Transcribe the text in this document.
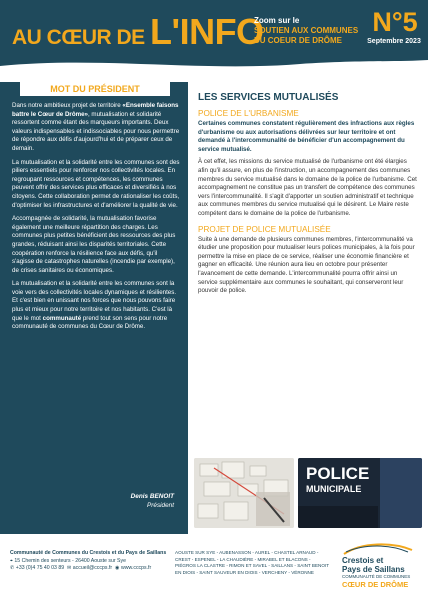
AU CŒUR DE L'INFO
Zoom sur le
SOUTIEN AUX COMMUNES DU COEUR DE DRÔME
N°5
Septembre 2023
MOT DU PRÉSIDENT

Dans notre ambitieux projet de territoire «Ensemble faisons battre le Cœur de Drôme», mutualisation et solidarité ressortent comme étant des marqueurs importants. Deux valeurs indispensables et indissociables pour nous permettre de répondre aux défis d'aujourd'hui et de préparer ceux de demain.

La mutualisation et la solidarité entre les communes sont des piliers essentiels pour renforcer nos collectivités locales. En regroupant ressources et compétences, les communes peuvent offrir des services plus efficaces et diversifiés à nos citoyens. Cette collaboration permet de rationaliser les coûts, d'optimiser les infrastructures et d'améliorer la qualité de vie.

Accompagnée de solidarité, la mutualisation favorise également une meilleure répartition des charges. Les communes plus petites bénéficient des ressources des plus grandes, réduisant ainsi les disparités territoriales. Cette coopération renforce la résilience face aux défis, qu'il s'agisse de catastrophes naturelles (incendie par exemple), de crises sanitaires ou économiques.

La mutualisation et la solidarité entre les communes sont la voie vers des collectivités locales dynamiques et résilientes. Et c'est bien en unissant nos forces que nous pouvons faire plus et mieux pour notre territoire et nos habitants. C'est là que le mot communauté prend tout son sens pour notre communauté de communes du Cœur de Drôme.

Denis BENOIT
Président
LES SERVICES MUTUALISÉS
POLICE DE L'URBANISME
Certaines communes constatent régulièrement des infractions aux règles d'urbanisme ou aux autorisations délivrées sur leur territoire et ont demandé à l'intercommunalité de bénéficier d'un accompagnement du service mutualisé.
À cet effet, les missions du service mutualisé de l'urbanisme ont été élargies afin qu'il assure, en plus de l'instruction, un accompagnement des communes membres du service mutualisé dans le domaine de la police de l'urbanisme. Cet accompagnement ne constitue pas un transfert de compétence des communes vers l'intercommunalité. Il s'agit d'apporter un soutien administratif et technique aux communes membres du service mutualisé qui le désirent. Le Maire reste compétent dans le domaine de la police de l'urbanisme.
PROJET DE POLICE MUTUALISÉE
Suite à une demande de plusieurs communes membres, l'intercommunalité va étudier une proposition pour mutualiser leurs polices municipales, à la fois pour permettre la mise en place de ce service, réaliser une économie financière et gagner en efficacité. Une réunion aura lieu en octobre pour présenter l'avancement de cette demande. L'intercommunalité pourra offrir ainsi un service supplémentaire aux communes le souhaitant, qui conserveront leur pouvoir de police.
POLICE
MUNICIPALE
Communauté de Communes du Crestois et du Pays de Saillans
⌖ 15 Chemin des senteurs - 26400 Aouste sur Sye
✆ +33 (0)4 75 40 03 89 ✉ accueil@cccps.fr ◉ www.cccps.fr
AOUSTE SUR SYE - AUBENASSON - AUREL - CHASTEL ARNAUD - CREST - ESPENEL - LA CHAUDIÈRE - MIRABEL ET BLACONS - PIÉGROS LA CLASTRE - RIMON ET SAVEL - SAILLANS - SAINT BENOIT EN DIOIS - SAINT SAUVEUR EN DIOIS - VERCHENY - VÉRONNE
Crestois et
Pays de Saillans
COMMUNAUTÉ DE COMMUNES
CŒUR DE DRÔME
